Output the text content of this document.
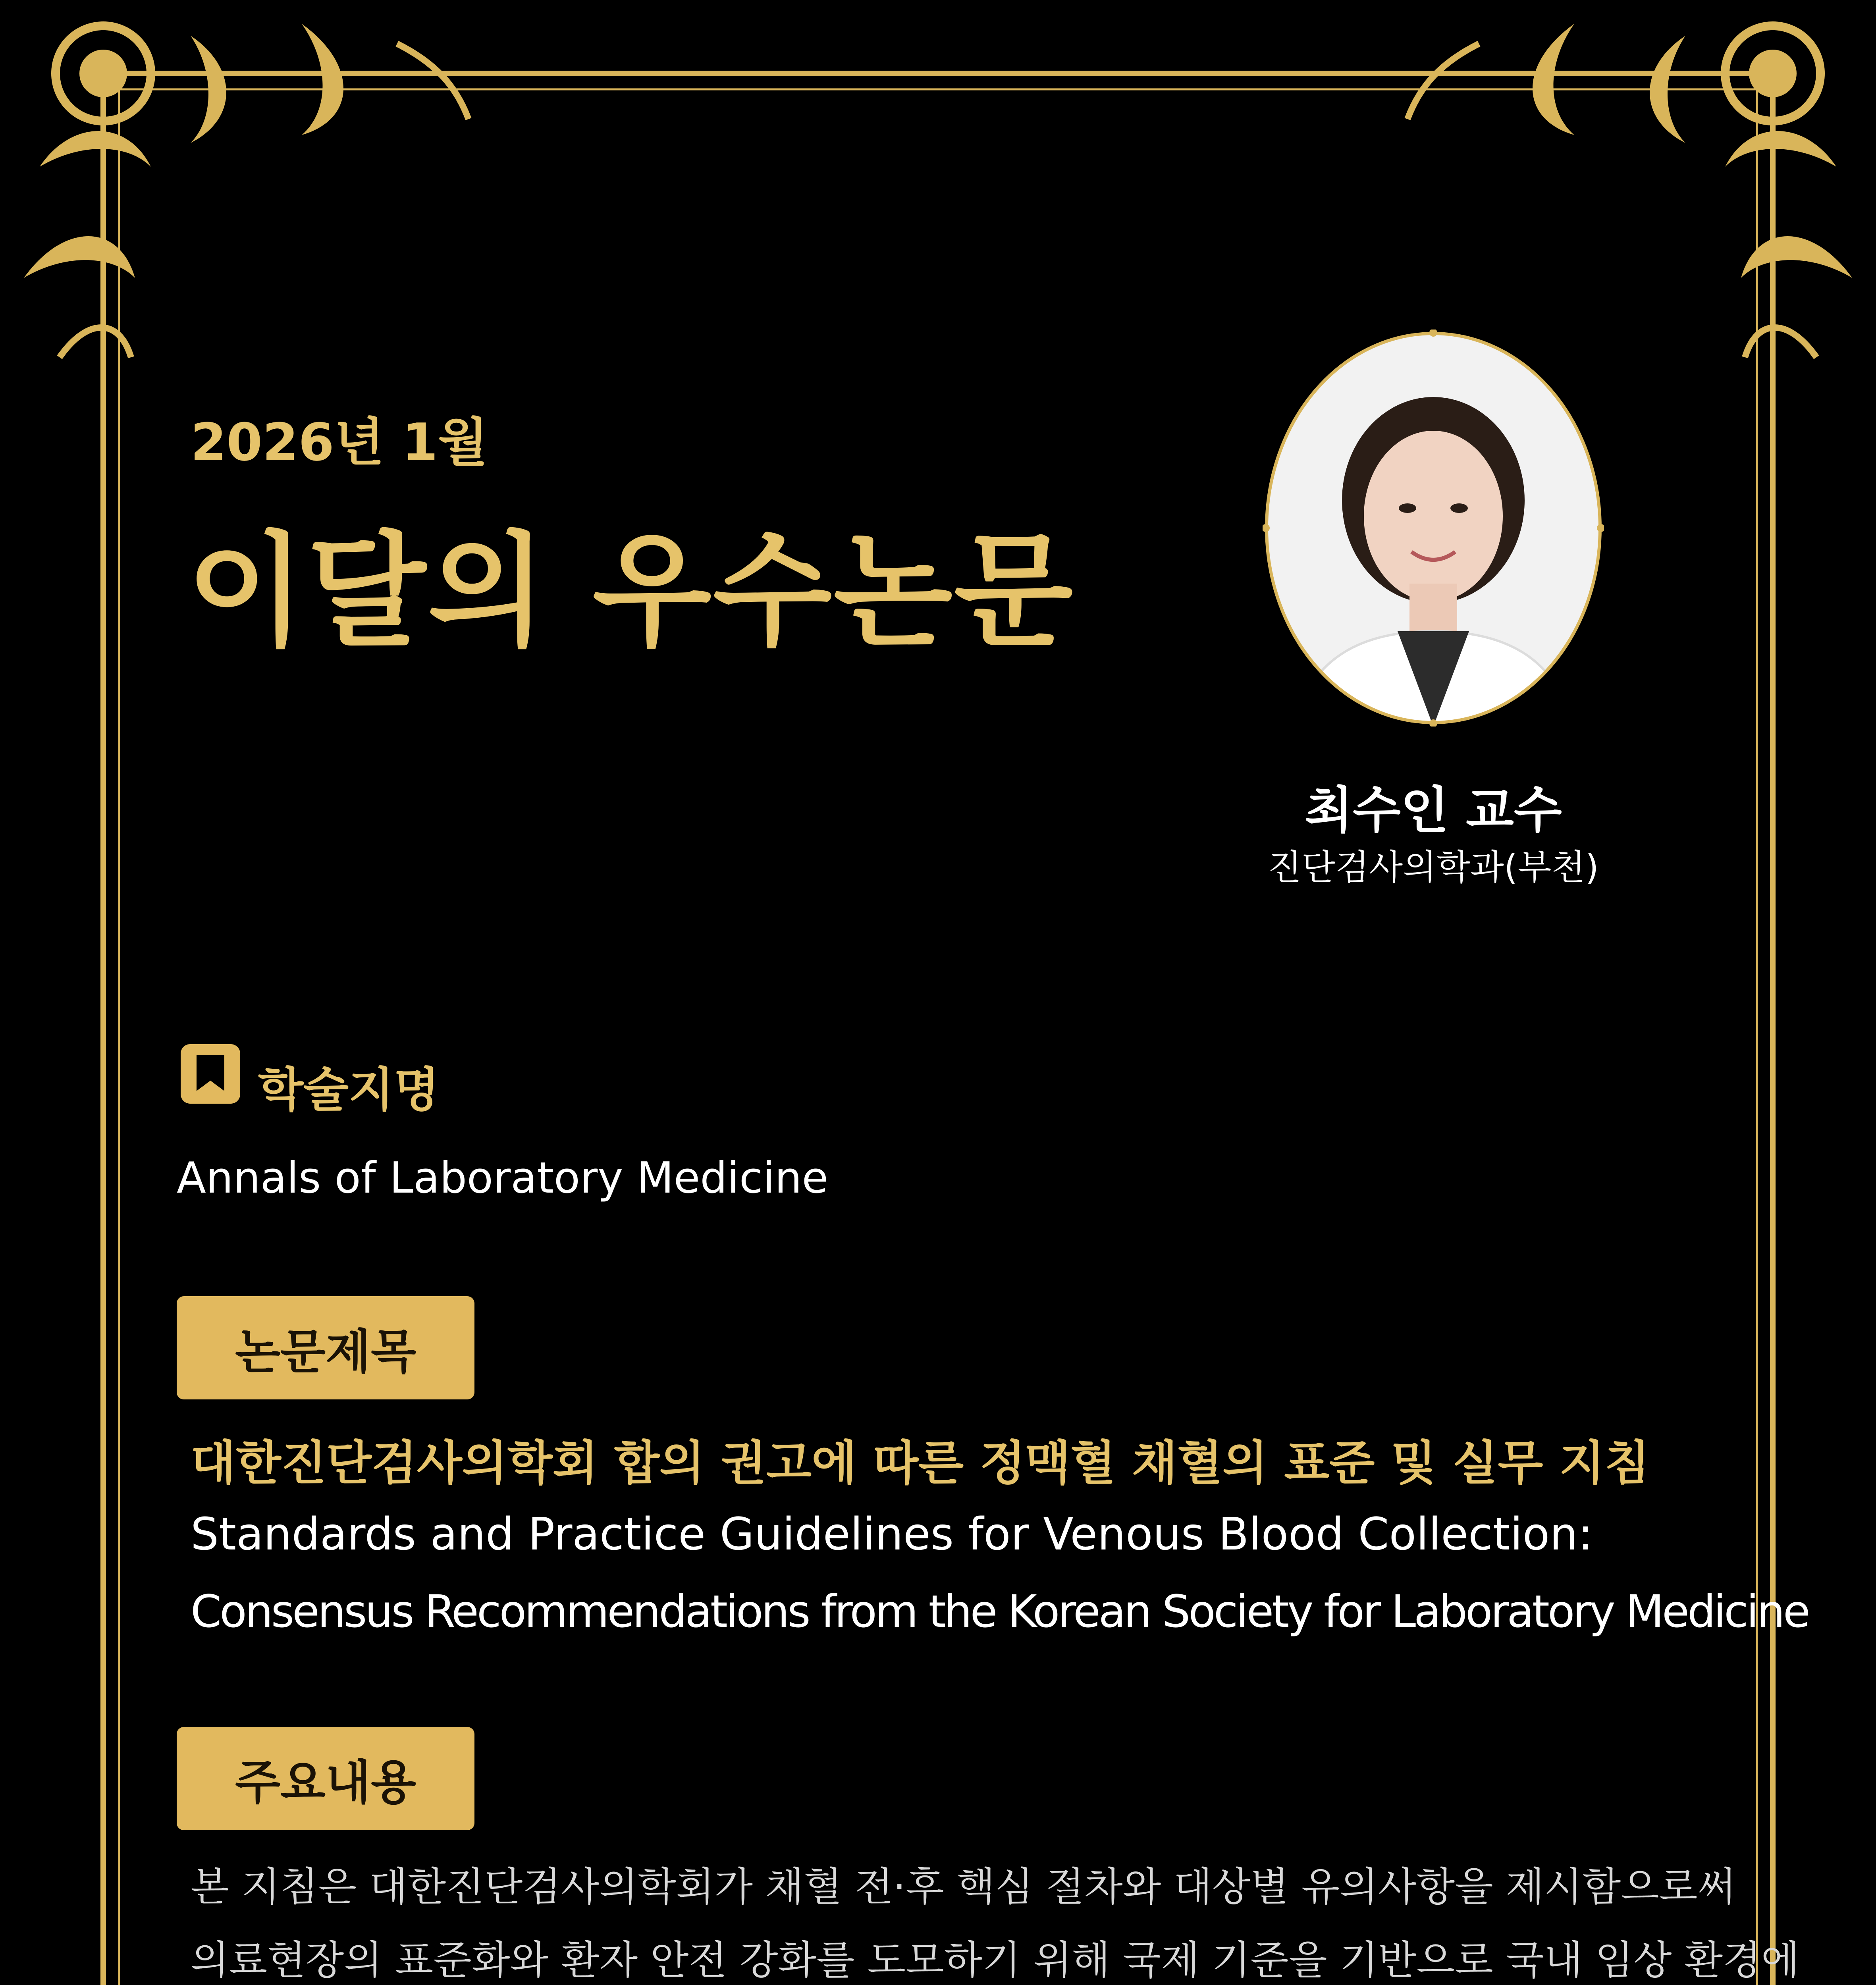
2026년 1월
이달의 우수논문
최수인 교수
진단검사의학과(부천)
학술지명
Annals of Laboratory Medicine
논문제목
대한진단검사의학회 합의 권고에 따른 정맥혈 채혈의 표준 및 실무 지침
Standards and Practice Guidelines for Venous Blood Collection:
Consensus Recommendations from the Korean Society for Laboratory Medicine
주요내용
본 지침은 대한진단검사의학회가 채혈 전·후 핵심 절차와 대상별 유의사항을 제시함으로써
의료현장의 표준화와 환자 안전 강화를 도모하기 위해 국제 기준을 기반으로 국내 임상 환경에
